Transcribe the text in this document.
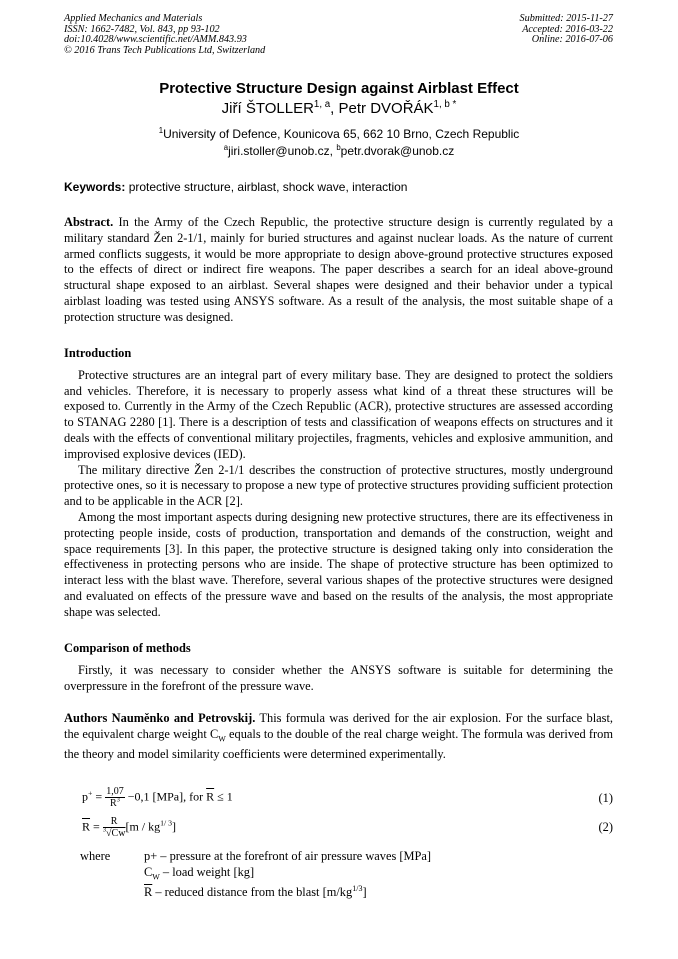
Applied Mechanics and Materials
ISSN: 1662-7482, Vol. 843, pp 93-102
doi:10.4028/www.scientific.net/AMM.843.93
© 2016 Trans Tech Publications Ltd, Switzerland
Submitted: 2015-11-27
Accepted: 2016-03-22
Online: 2016-07-06
Protective Structure Design against Airblast Effect
Jiří ŠTOLLER$^{1, a}$, Petr $DVOŘÁK^{1, b *}$
$^1$University of Defence, Kounicova 65, 662 10 Brno, Czech Republic
$^a$jiri.stoller@unob.cz, $^b$petr.dvorak@unob.cz
Keywords: protective structure, airblast, shock wave, interaction

Abstract. In the Army of the Czech Republic, the protective structure design is currently regulated by a military standard Žen 2-1/1, mainly for buried structures and against nuclear loads. As the nature of current armed conflicts suggests, it would be more appropriate to design above-ground protective structures exposed to the effects of direct or indirect fire weapons. The paper describes a search for an ideal above-ground structural shape exposed to an airblast. Several shapes were designed and their behavior under a typical airblast loading was tested using ANSYS software. As a result of the analysis, the most suitable shape of a protection structure was designed.

Introduction

Protective structures are an integral part of every military base. They are designed to protect the soldiers and vehicles. Therefore, it is necessary to properly assess what kind of a threat these structures will be exposed to. Currently in the Army of the Czech Republic (ACR), protective structures are assessed according to STANAG 2280 [1]. There is a description of tests and classification of weapons effects on structures and it deals with the effects of conventional military projectiles, fragments, vehicles and explosive ammunition, and improvised explosive devices (IED).

The military directive Žen 2-1/1 describes the construction of protective structures, mostly underground protective ones, so it is necessary to propose a new type of protective structures providing sufficient protection and to be applicable in the ACR [2].

Among the most important aspects during designing new protective structures, there are its effectiveness in protecting people inside, costs of production, transportation and demands of the construction, weight and space requirements [3]. In this paper, the protective structure is designed taking only into consideration the effectiveness in protecting persons who are inside. The shape of protective structure has been optimized to interact less with the blast wave. Therefore, several various shapes of the protective structures were designed and evaluated on effects of the pressure wave and based on the results of the analysis, the most appropriate shape was selected.

Comparison of methods

Firstly, it was necessary to consider whether the ANSYS software is suitable for determining the overpressure in the forefront of the pressure wave.

Authors Nauměnko and Petrovskij. This formula was derived for the air explosion. For the surface blast, the equivalent charge weight $C_W$ equals to the double of the real charge weight. The formula was derived from the theory and model similarity coefficients were determined experimentally.

$p^+ = \frac{1,07}{\overline{R}^3} -0,1$ [MPa], for $\overline{R} \le 1$	(1)
$\overline{R} = \frac{R}{^3√Cw} [m / kg^{1/ 3}]$	(2)
where	p+ – pressure at the forefront of air pressure waves [MPa]
$C_W$ – load weight [kg]
$\overline{R}$ – reduced distance from the blast $[m/kg^{1/3}]$
